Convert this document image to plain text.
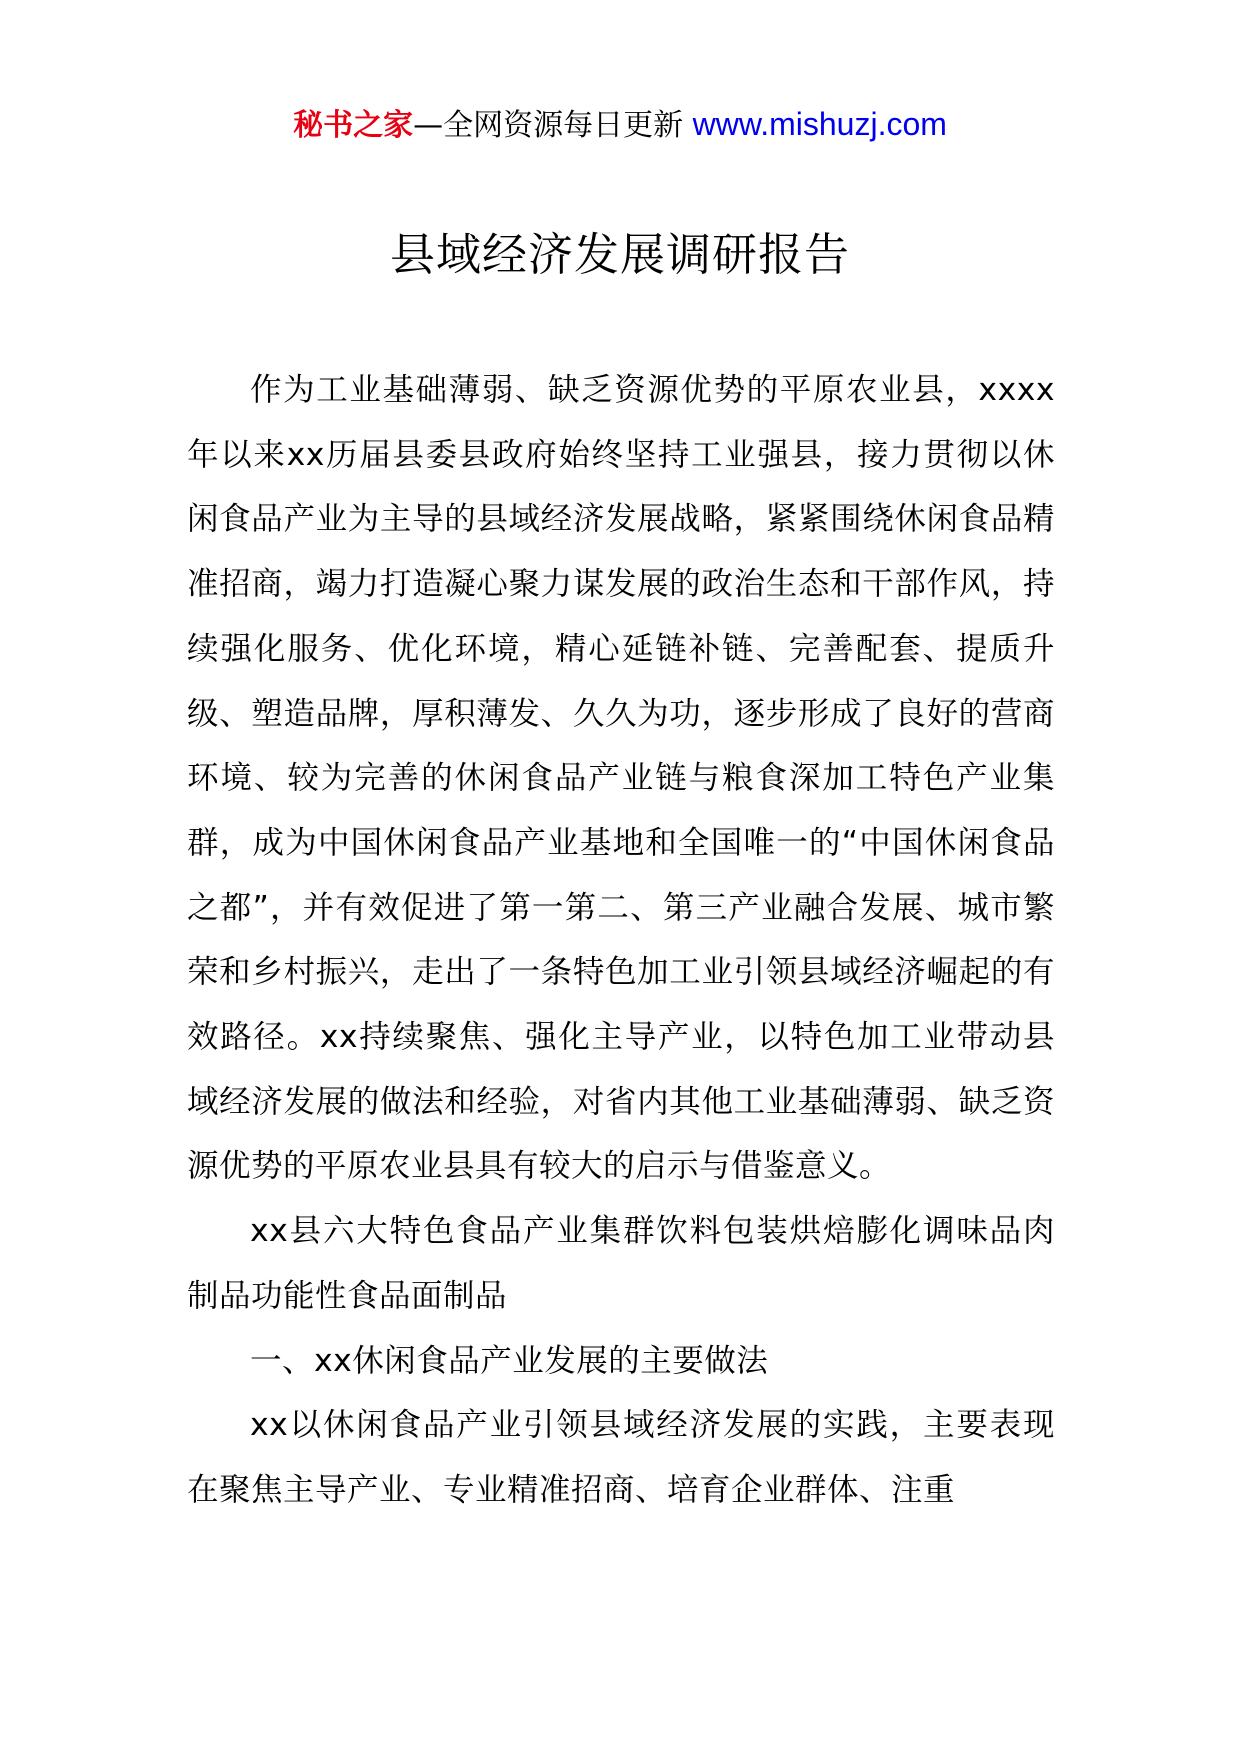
秘书之家—全网资源每日更新 www.mishuzj.com
县域经济发展调研报告

作为工业基础薄弱、缺乏资源优势的平原农业县，xxxx年以来xx历届县委县政府始终坚持工业强县，接力贯彻以休闲食品产业为主导的县域经济发展战略，紧紧围绕休闲食品精准招商，竭力打造凝心聚力谋发展的政治生态和干部作风，持续强化服务、优化环境，精心延链补链、完善配套、提质升级、塑造品牌，厚积薄发、久久为功，逐步形成了良好的营商环境、较为完善的休闲食品产业链与粮食深加工特色产业集群，成为中国休闲食品产业基地和全国唯一的“中国休闲食品之都”，并有效促进了第一第二、第三产业融合发展、城市繁荣和乡村振兴，走出了一条特色加工业引领县域经济崛起的有效路径。xx持续聚焦、强化主导产业，以特色加工业带动县域经济发展的做法和经验，对省内其他工业基础薄弱、缺乏资源优势的平原农业县具有较大的启示与借鉴意义。

xx县六大特色食品产业集群饮料包装烘焙膨化调味品肉制品功能性食品面制品

一、xx休闲食品产业发展的主要做法

xx以休闲食品产业引领县域经济发展的实践，主要表现在聚焦主导产业、专业精准招商、培育企业群体、注重
